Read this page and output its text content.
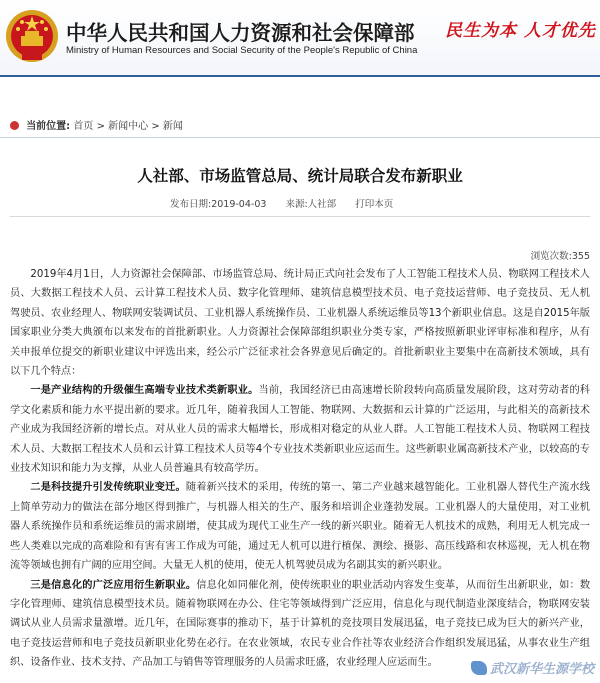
中华人民共和国人力资源和社会保障部
Ministry of Human Resources and Social Security of the People's Republic of China
民生为本 人才优先
当前位置: 首页 > 新闻中心 > 新闻
人社部、市场监管总局、统计局联合发布新职业
发布日期:2019-04-03 来源:人社部 打印本页
浏览次数:355

2019年4月1日，人力资源社会保障部、市场监管总局、统计局正式向社会发布了人工智能工程技术人员、物联网工程技术人员、大数据工程技术人员、云计算工程技术人员、数字化管理师、建筑信息模型技术员、电子竞技运营师、电子竞技员、无人机驾驶员、农业经理人、物联网安装调试员、工业机器人系统操作员、工业机器人系统运维员等13个新职业信息。这是自2015年版国家职业分类大典颁布以来发布的首批新职业。人力资源社会保障部组织职业分类专家，严格按照新职业评审标准和程序，从有关申报单位提交的新职业建议中评选出来，经公示广泛征求社会各界意见后确定的。首批新职业主要集中在高新技术领域，具有以下几个特点：

一是产业结构的升级催生高端专业技术类新职业。当前，我国经济已由高速增长阶段转向高质量发展阶段，这对劳动者的科学文化素质和能力水平提出新的要求。近几年，随着我国人工智能、物联网、大数据和云计算的广泛运用，与此相关的高新技术产业成为我国经济新的增长点。对从业人员的需求大幅增长，形成相对稳定的从业人群。人工智能工程技术人员、物联网工程技术人员、大数据工程技术人员和云计算工程技术人员等4个专业技术类新职业应运而生。这些新职业属高新技术产业，以较高的专业技术知识和能力为支撑，从业人员普遍具有较高学历。

二是科技提升引发传统职业变迁。随着新兴技术的采用，传统的第一、第二产业越来越智能化。工业机器人替代生产流水线上简单劳动力的做法在部分地区得到推广，与机器人相关的生产、服务和培训企业蓬勃发展。工业机器人的大量使用，对工业机器人系统操作员和系统运维员的需求剧增，使其成为现代工业生产一线的新兴职业。随着无人机技术的成熟，利用无人机完成一些人类难以完成的高难险和有害有害工作成为可能，通过无人机可以进行植保、测绘、摄影、高压线路和农林巡视，无人机在物流等领域也拥有广阔的应用空间。大量无人机的使用，使无人机驾驶员成为名副其实的新兴职业。

三是信息化的广泛应用衍生新职业。信息化如同催化剂，使传统职业的职业活动内容发生变革，从而衍生出新职业，如：数字化管理师、建筑信息模型技术员。随着物联网在办公、住宅等领域得到广泛应用，信息化与现代制造业深度结合，物联网安装调试从业人员需求量激增。近几年，在国际赛事的推动下，基于计算机的竞技项目发展迅猛，电子竞技已成为巨大的新兴产业，电子竞技运营师和电子竞技员新职业化势在必行。在农业领域，农民专业合作社等农业经济合作组织发展迅猛，从事农业生产组织、设备作业、技术支持、产品加工与销售等管理服务的人员需求旺盛，农业经理人应运而生。	武汉新华生源学校
